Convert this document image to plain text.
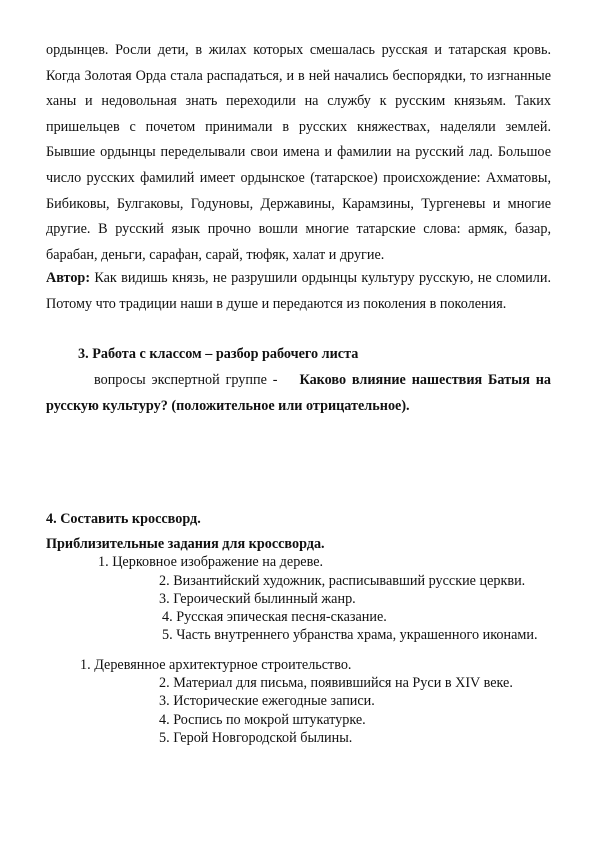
ордынцев. Росли дети, в жилах которых смешалась русская и татарская кровь. Когда Золотая Орда стала распадаться, и в ней начались беспорядки, то изгнанные ханы и недовольная знать переходили на службу к русским князьям. Таких пришельцев с почетом принимали в русских княжествах, наделяли землей. Бывшие ордынцы переделывали свои имена и фамилии на русский лад. Большое число русских фамилий имеет ордынское (татарское) происхождение: Ахматовы, Бибиковы, Булгаковы, Годуновы, Державины, Карамзины, Тургеневы и многие другие. В русский язык прочно вошли многие татарские слова: армяк, базар, барабан, деньги, сарафан, сарай, тюфяк, халат и другие.

Автор: Как видишь князь, не разрушили ордынцы культуру русскую, не сломили. Потому что традиции наши в душе и передаются из поколения в поколения.

3. Работа с классом – разбор рабочего листа

вопросы экспертной группе - Каково влияние нашествия Батыя на русскую культуру? (положительное или отрицательное).

4. Составить кроссворд.

Приблизительные задания для кроссворда.

1. Церковное изображение на дереве.

2. Византийский художник, расписывавший русские церкви.

3. Героический былинный жанр.

4. Русская эпическая песня-сказание.

5. Часть внутреннего убранства храма, украшенного иконами.

1. Деревянное архитектурное строительство.

2. Материал для письма, появившийся на Руси в XIV веке.

3. Исторические ежегодные записи.

4. Роспись по мокрой штукатурке.

5. Герой Новгородской былины.
